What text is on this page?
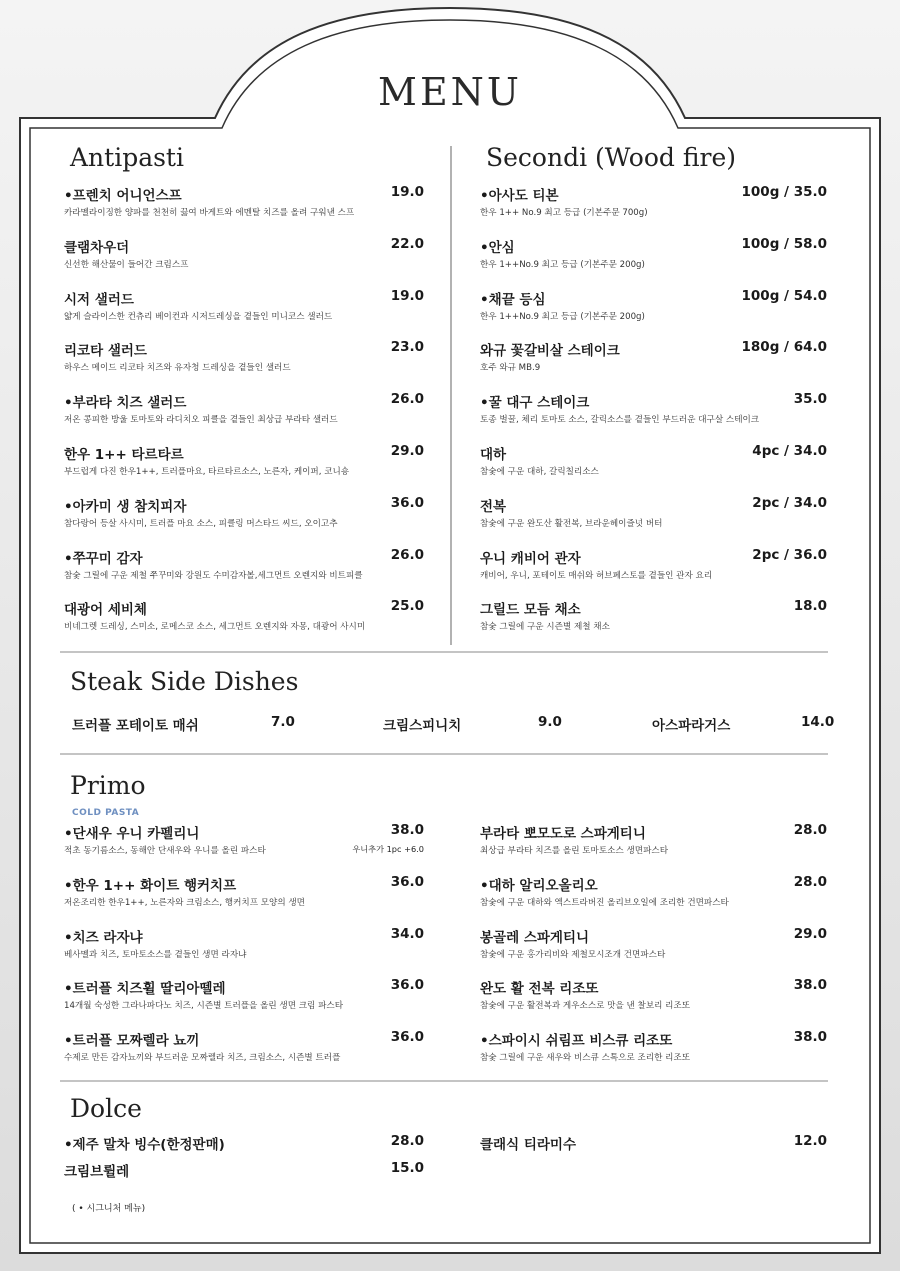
MENU
Antipasti
•프렌치 어니언스프	19.0
카라멜라이징한 양파를 천천히 끓여 바게트와 에멘탈 치즈를 올려 구워낸 스프
클램차우더	22.0
신선한 해산물이 들어간 크림스프
시저 샐러드	19.0
얇게 슬라이스한 컨츄리 베이컨과 시저드레싱을 곁들인 미니코스 샐러드
리코타 샐러드	23.0
하우스 메이드 리코타 치즈와 유자청 드레싱을 곁들인 샐러드
•부라타 치즈 샐러드	26.0
저온 콩피한 방울 토마토와 라디치오 피클을 곁들인 최상급 부라타 샐러드
한우 1++ 타르타르	29.0
부드럽게 다진 한우1++, 트러플마요, 타르타르소스, 노른자, 케이퍼, 코니숑
•아카미 생 참치피자	36.0
참다랑어 등살 사시미, 트러플 마요 소스, 피클링 머스타드 씨드, 오이고추
•쭈꾸미 감자	26.0
참숯 그릴에 구운 제철 쭈꾸미와 강원도 수미감자볼,세그먼트 오렌지와 비트피클
대광어 세비체	25.0
비네그렛 드레싱, 스미소, 로메스코 소스, 세그먼트 오렌지와 자몽, 대광어 사시미
Secondi (Wood fire)
•아사도 티본	100g / 35.0
한우 1++ No.9 최고 등급 (기본주문 700g)
•안심	100g / 58.0
한우 1++No.9 최고 등급 (기본주문 200g)
•채끝 등심	100g / 54.0
한우 1++No.9 최고 등급 (기본주문 200g)
와규 꽃갈비살 스테이크	180g / 64.0
호주 와규 MB.9
•꿀 대구 스테이크	35.0
토종 벌꿀, 체리 토마토 소스, 갈릭소스를 곁들인 부드러운 대구살 스테이크
대하	4pc / 34.0
참숯에 구운 대하, 갈릭칠리소스
전복	2pc / 34.0
참숯에 구운 완도산 활전복, 브라운헤이즐넛 버터
우니 캐비어 관자	2pc / 36.0
캐비어, 우니, 포테이토 매쉬와 허브페스토를 곁들인 관자 요리
그릴드 모듬 채소	18.0
참숯 그릴에 구운 시즌별 제철 채소
Steak Side Dishes
트러플 포테이토 매쉬	7.0	크림스피니치	9.0	아스파라거스	14.0
Primo
COLD PASTA
•단새우 우니 카펠리니	38.0
적초 동기름소스, 동해안 단새우와 우니를 올린 파스타	우니추가 1pc +6.0
•한우 1++ 화이트 행커치프	36.0
저온조리한 한우1++, 노른자와 크림소스, 행커치프 모양의 생면
•치즈 라자냐	34.0
베사멜과 치즈, 토마토소스를 곁들인 생면 라자냐
•트러플 치즈휠 딸리아뗄레	36.0
14개월 숙성한 그라나파다노 치즈, 시즌별 트러플을 올린 생면 크림 파스타
•트러플 모짜렐라 뇨끼	36.0
수제로 만든 감자뇨끼와 부드러운 모짜렐라 치즈, 크림소스, 시즌별 트러플
부라타 뽀모도로 스파게티니	28.0
최상급 부라타 치즈를 올린 토마토소스 생면파스타
•대하 알리오올리오	28.0
참숯에 구운 대하와 엑스트라버진 올리브오일에 조리한 건면파스타
봉골레 스파게티니	29.0
참숯에 구운 홍가리비와 제철모시조개 건면파스타
완도 활 전복 리조또	38.0
참숯에 구운 활전복과 게우소스로 맛을 낸 찰보리 리조또
•스파이시 쉬림프 비스큐 리조또	38.0
참숯 그릴에 구운 새우와 비스큐 스톡으로 조리한 리조또
Dolce
•제주 말차 빙수(한정판매)	28.0
크림브륄레	15.0
클래식 티라미수	12.0
( • 시그니처 메뉴)
